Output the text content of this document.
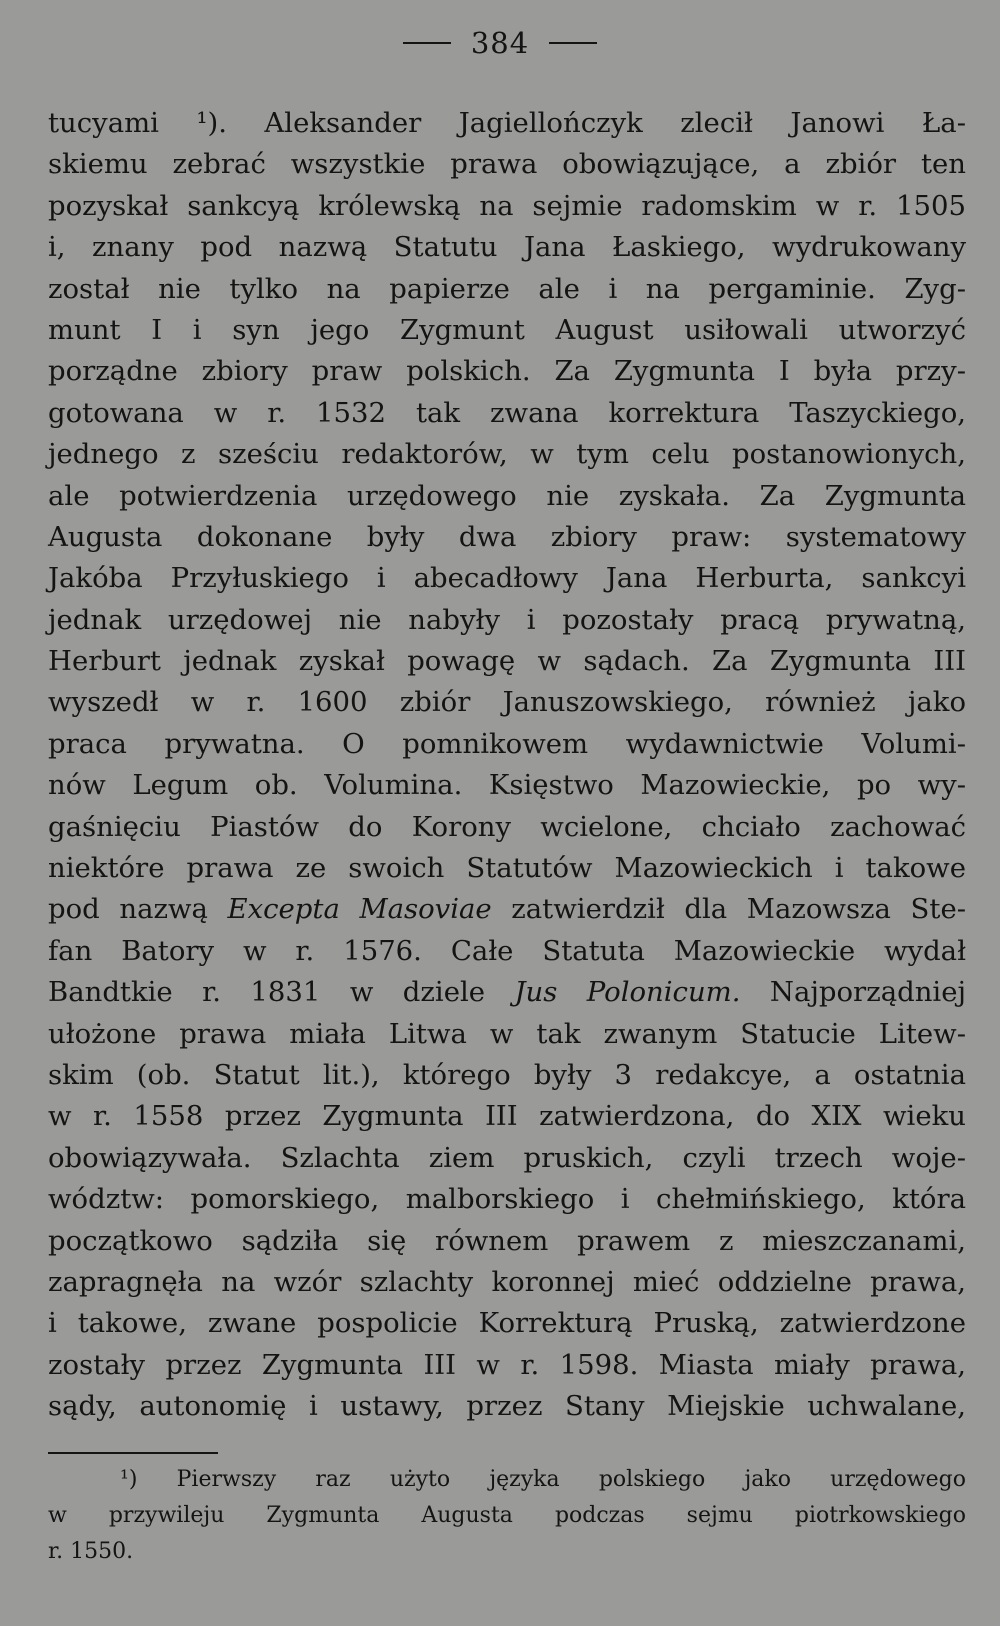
384
tucyami ¹). Aleksander Jagiellończyk zlecił Janowi Ła-
skiemu zebrać wszystkie prawa obowiązujące, a zbiór ten
pozyskał sankcyą królewską na sejmie radomskim w r. 1505
i, znany pod nazwą Statutu Jana Łaskiego, wydrukowany
został nie tylko na papierze ale i na pergaminie. Zyg-
munt I i syn jego Zygmunt August usiłowali utworzyć
porządne zbiory praw polskich. Za Zygmunta I była przy-
gotowana w r. 1532 tak zwana korrektura Taszyckiego,
jednego z sześciu redaktorów, w tym celu postanowionych,
ale potwierdzenia urzędowego nie zyskała. Za Zygmunta
Augusta dokonane były dwa zbiory praw: systematowy
Jakóba Przyłuskiego i abecadłowy Jana Herburta, sankcyi
jednak urzędowej nie nabyły i pozostały pracą prywatną,
Herburt jednak zyskał powagę w sądach. Za Zygmunta III
wyszedł w r. 1600 zbiór Januszowskiego, również jako
praca prywatna. O pomnikowem wydawnictwie Volumi-
nów Legum ob. Volumina. Księstwo Mazowieckie, po wy-
gaśnięciu Piastów do Korony wcielone, chciało zachować
niektóre prawa ze swoich Statutów Mazowieckich i takowe
pod nazwą Excepta Masoviae zatwierdził dla Mazowsza Ste-
fan Batory w r. 1576. Całe Statuta Mazowieckie wydał
Bandtkie r. 1831 w dziele Jus Polonicum. Najporządniej
ułożone prawa miała Litwa w tak zwanym Statucie Litew-
skim (ob. Statut lit.), którego były 3 redakcye, a ostatnia
w r. 1558 przez Zygmunta III zatwierdzona, do XIX wieku
obowiązywała. Szlachta ziem pruskich, czyli trzech woje-
wództw: pomorskiego, malborskiego i chełmińskiego, która
początkowo sądziła się równem prawem z mieszczanami,
zapragnęła na wzór szlachty koronnej mieć oddzielne prawa,
i takowe, zwane pospolicie Korrekturą Pruską, zatwierdzone
zostały przez Zygmunta III w r. 1598. Miasta miały prawa,
sądy, autonomię i ustawy, przez Stany Miejskie uchwalane,
¹) Pierwszy raz użyto języka polskiego jako urzędowego
w przywileju Zygmunta Augusta podczas sejmu piotrkowskiego
r. 1550.
